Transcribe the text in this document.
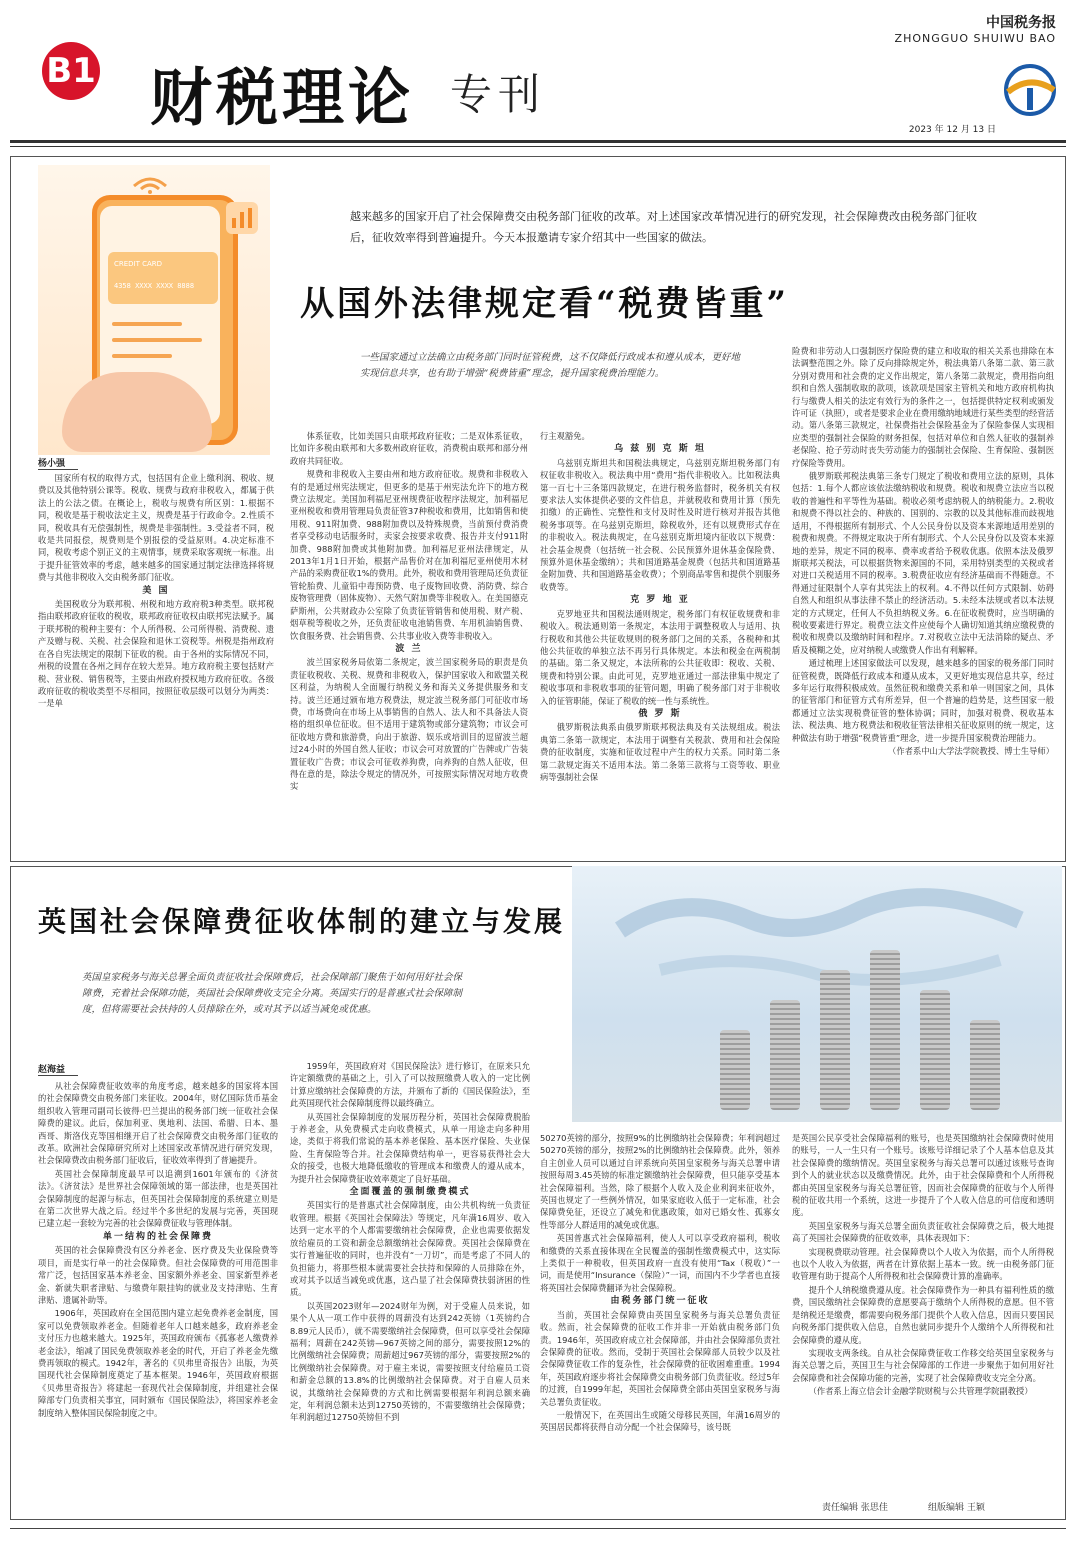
B1 财税理论 专刊
中国税务报
ZHONGGUO SHUIWU BAO
2023 年 12 月 13 日
CREDIT CARD
4358 XXXX XXXX 8888
越来越多的国家开启了社会保障费交由税务部门征收的改革。对上述国家改革情况进行的研究发现，社会保障费改由税务部门征收后，征收效率得到普遍提升。今天本报邀请专家介绍其中一些国家的做法。
从国外法律规定看“税费皆重”
一些国家通过立法确立由税务部门同时征管税费，这不仅降低行政成本和遵从成本，更好地实现信息共享，也有助于增强“税费皆重”理念，提升国家税费治理能力。
杨小强

国家所有权的取得方式，包括国有企业上缴利润、税收、规费以及其他特别公课等。税收、规费与政府非税收入，都属于供法上的公法之债。在概论上，税收与规费有所区别：1.根据不同，税收是基于税收法定主义，规费是基于行政命令。2.性质不同，税收具有无偿强制性，规费是非强制性。3.受益者不同，税收是共同报偿，规费则是个别报偿的受益原则。4.决定标准不同，税收考虑个别正义的主观情事，规费采取客观统一标准。出于提升征管效率的考虑，越来越多的国家通过制定法律选择将规费与其他非税收入交由税务部门征收。

美 国

美国税收分为联邦税、州税和地方政府税3种类型。联邦税指由联邦政府征收的税收，联邦政府征收权由联邦宪法赋予。属于联邦税的税种主要有：个人所得税、公司所得税、消费税、遗产及赠与税、关税、社会保险和退休工资税等。州税是指州政府在各自宪法规定的限制下征收的税。由于各州的实际情况不同，州税的设置在各州之间存在较大差异。地方政府税主要包括财产税、营业税、销售税等，主要由州政府授权地方政府征收。各级政府征收的税收类型不尽相同，按照征收层级可以划分为两类：一是单

体系征收，比如美国只由联邦政府征收；二是双体系征收，比如许多税由联邦和大多数州政府征收，消费税由联邦和部分州政府共同征收。

规费和非税收入主要由州和地方政府征收。规费和非税收入有的是通过州宪法规定，但更多的是基于州宪法允许下的地方税费立法规定。美国加利福尼亚州规费征收程序法规定，加利福尼亚州税收和费用管理局负责征管37种税收和费用，比如销售和使用税、911附加费、988附加费以及特殊规费，当前预付费消费者享受移动电话服务时，卖家会按要求收费、报告并支付911附加费、988附加费或其他附加费。加利福尼亚州法律规定，从2013年1月1日开始，根据产品售价对在加利福尼亚州使用木材产品的采购费征收1%的费用。此外，税收和费用管理局还负责征管轮胎费、儿童铅中毒预防费、电子废物回收费、消防费、综合废物管理费（固体废物）、天然气附加费等非税收入。在美国德克萨斯州，公共财政办公室除了负责征管销售和使用税、财产税、烟草税等税收之外，还负责征收电池销售费、车用机油销售费、饮食服务费、社会销售费、公共事业收入费等非税收入。

波 兰

波兰国家税务局依第二条规定，波兰国家税务局的职责是负责征收税收、关税、规费和非税收入，保护国家收入和欧盟关税区利益，为纳税人全面履行纳税义务和海关义务提供服务和支持。波兰还通过颁布地方税费法，规定波兰税务部门可征收市场费，市场费向在市场上从事销售的自然人、法人和不具备法人资格的组织单位征收。但不适用于建筑物或部分建筑物；市议会可征收地方费和旅游费，向出于旅游、娱乐或培训目的逗留波兰超过24小时的外国自然人征收；市议会可对放置的广告牌或广告装置征收广告费；市议会可征收养狗费，向养狗的自然人征收，但得在意的是，除法令规定的情况外，可按照实际情况对地方收费实

行主观豁免。

乌 兹 别 克 斯 坦

乌兹别克斯坦共和国税法典规定，乌兹别克斯坦税务部门有权征收非税收入。税法典中用“费用”指代非税收入。比如税法典第一百七十三条第四款规定，在进行税务监督时，税务机关有权要求法人实体提供必要的文件信息，并就税收和费用计算（预先扣缴）的正确性、完整性和支付及时性及时进行核对并报告其他税务事项等。在乌兹别克斯坦，除税收外，还有以规费形式存在的非税收入。税法典规定，在乌兹别克斯坦境内征收以下规费：社会基金规费（包括统一社会税、公民预算外退休基金保险费、预算外退休基金缴纳）；共和国道路基金规费（包括共和国道路基金附加费、共和国道路基金收费）；个别商品零售和提供个别服务收费等。

克 罗 地 亚

克罗地亚共和国税法通则规定，税务部门有权征收规费和非税收入。税法通则第一条规定，本法用于调整税收人与适用、执行税收和其他公共征收规则的税务部门之间的关系，各税种和其他公共征收的单独立法不再另行具体规定。本法和税金在两税制的基础。第二条又规定，本法所称的公共征收即：税收、关税、规费和特别公课。由此可见，克罗地亚通过一部法律集中规定了税收事项和非税收事项的征管问题，明确了税务部门对于非税收入的征管职能，保证了税收的统一性与系统性。

俄 罗 斯

俄罗斯税法典系由俄罗斯联邦税法典及有关法规组成。税法典第二条第一款规定，本法用于调整有关税款、费用和社会保险费的征收制度，实施和征收过程中产生的权力关系。同时第二条第二款规定海关不适用本法。第二条第三款将与工资等收、职业病等强制社会保

险费和非劳动人口强制医疗保险费的建立和收取的相关关系也排除在本法调整范围之外。除了反向排除规定外，税法典第八条第二款、第三款分别对费用和社会费的定义作出规定，第八条第二款规定，费用指向组织和自然人强制收取的款项，该款项是国家主管机关和地方政府机构执行与缴费人相关的法定有效行为的条件之一，包括提供特定权利或颁发许可证（执照），或者是要求企业在费用缴纳地域进行某些类型的经营活动。第八条第三款规定，社保费指社会保险基金为了保险参保人实现相应类型的强制社会保险的财务担保，包括对单位和自然人征收的强制养老保险、抢子劳动时丧失劳动能力的强制社会保险、生育保险、强制医疗保险等费用。

俄罗斯联邦税法典第三条专门规定了税收和费用立法的原则，具体包括：1.每个人都应该依法缴纳税收和规费。税收和规费立法应当以税收的普遍性和平等性为基础。税收必须考虑纳税人的纳税能力。2.税收和规费不得以社会的、种族的、国别的、宗教的以及其他标准而歧视地适用，不得根据所有制形式、个人公民身份以及资本来源地适用差别的税费和规费。不得规定取决于所有制形式、个人公民身份以及资本来源地的差异，规定不同的税率、费率或者给予税收优惠。依照本法及俄罗斯联邦关税法，可以根据货物来源国的不同，采用特别类型的关税或者对进口关税适用不同的税率。3.税费征收应有经济基础而不得随意。不得通过征限制个人享有其宪法上的权利。4.不得以任何方式限制、妨碍自然人和组织从事法律不禁止的经济活动。5.未经本法规或者以本法规定的方式规定，任何人不负担纳税义务。6.在征收税费时，应当明确的税收要素进行界定。税费立法文件应使每个人确切知道其纳应缴税费的税收和规费以及缴纳时间和程序。7.对税收立法中无法消除的疑点、矛盾及模糊之处，应对纳税人或缴费人作出有利解释。

通过梳理上述国家做法可以发现，越来越多的国家的税务部门同时征管税费，既降低行政成本和遵从成本，又更好地实现信息共享，经过多年运行取得积极成效。虽然征税和缴费关系和单一则国家之间，具体的征管部门和征管方式有所差异，但一个普遍的趋势是，这些国家一般都通过立法实现税费征管的整体协调；同时，加强对税费、税收基本法、税法典、地方税费法和税收征管法律相关征收原则的统一规定，这种做法有助于增强“税费皆重”理念，进一步提升国家税费治理能力。

（作者系中山大学法学院教授、博士生导师）

英国社会保障费征收体制的建立与发展
英国皇家税务与海关总署全面负责征收社会保障费后，社会保障部门聚焦于如何用好社会保障费，充着社会保障功能，英国社会保障费收支完全分离。英国实行的是普惠式社会保障制度，但将需要社会扶持的人员排除在外，或对其予以适当减免或优惠。
赵海益

从社会保障费征收效率的角度考虑，越来越多的国家将本国的社会保障费交由税务部门来征收。2004年，财亿国际货币基金组织收入管理司副司长彼得·巴兰提出的税务部门统一征收社会保障费的建议。此后，保加利亚、奥地利、法国、希腊、日本、墨西哥、斯洛伐克等国相继开启了社会保障费交由税务部门征收的改革。欧洲社会保障研究所对上述国家改革情况进行研究发现，社会保障费改由税务部门征收后，征收效率得到了普遍提升。

英国社会保障制度最早可以追溯到1601年颁布的《济贫法》。《济贫法》是世界社会保障领域的第一部法律，也是英国社会保障制度的起源与标志，但英国社会保障制度的系统建立则是在第二次世界大战之后。经过半个多世纪的发展与完善，英国现已建立起一套较为完善的社会保障费征收与管理体制。

单一结构的社会保障费

英国的社会保障费没有区分养老金、医疗费及失业保险费等项目，而是实行单一的社会保障费。但社会保障费的可用范围非常广泛，包括国家基本养老金、国家额外养老金、国家新型养老金、新就失职者津贴、与缴费年限挂钩的就业及支持津贴、生育津贴、遗属补助等。

1906年，英国政府在全国范围内建立起免费养老金制度，国家可以免费领取养老金。但随着老年人口越来越多，政府养老金支付压力也越来越大。1925年，英国政府颁布《孤寡老人缴费养老金法》，缩减了国民免费领取养老金的时代，开启了养老金先缴费再领取的模式。1942年，著名的《贝弗里奇报告》出版，为英国现代社会保障制度奠定了基本框架。1946年，英国政府根据《贝弗里奇报告》将建起一套现代社会保障制度，并组建社会保障部专门负责相关事宜，同时颁布《国民保险法》，将国家养老金制度纳入整体国民保险制度之中。

1959年，英国政府对《国民保险法》进行修订，在原来只允许定额缴费的基础之上，引入了可以按照缴费人收入的一定比例计算应缴纳社会保障费的方法，并颁布了新的《国民保险法》，至此英国现代社会保障制度得以最终确立。

从英国社会保障制度的发展历程分析，英国社会保障费脱胎于养老金，从免费模式走向收费模式，从单一用途走向多种用途，类似于将我们常说的基本养老保险、基本医疗保险、失业保险、生育保险等合并。社会保障费结构单一，更容易获得社会大众的接受，也极大地降低缴收的管理成本和缴费人的遵从成本，为提升社会保障费征收效率奠定了良好基础。

全面覆盖的强制缴费模式

英国实行的是普惠式社会保障制度，由公共机构统一负责征收管理。根据《英国社会保障法》等规定，凡年满16周岁、收入达到一定水平的个人都需要缴纳社会保障费，企业也需要依据发放给雇员的工资和薪金总额缴纳社会保障费。英国社会保障费在实行普遍征收的同时，也并没有“一刀切”，而是考虑了不同人的负担能力，将那些根本就需要社会扶持和保障的人员排除在外，或对其予以适当减免或优惠，这凸显了社会保障费扶弱济困的性质。

以英国2023财年—2024财年为例，对于受雇人员来说，如果个人从一项工作中获得的周薪没有达到242英镑（1英镑约合8.89元人民币），就不需要缴纳社会保障费，但可以享受社会保障福利；周薪在242英镑—967英镑之间的部分，需要按照12%的比例缴纳社会保障费；周薪超过967英镑的部分，需要按照2%的比例缴纳社会保障费。对于雇主来说，需要按照支付给雇员工资和薪金总额的13.8%的比例缴纳社会保障费。对于自雇人员来说，其缴纳社会保障费的方式和比例需要根据年利润总额来确定，年利润总额未达到12750英镑的，不需要缴纳社会保障费；年利润超过12750英镑但不到

50270英镑的部分，按照9%的比例缴纳社会保障费；年利润超过50270英镑的部分，按照2%的比例缴纳社会保障费。此外，领养自主创业人员可以通过自评系统向英国皇家税务与海关总署申请按照每周3.45英镑的标准定额缴纳社会保障费，但只能享受基本社会保障福利。当然，除了根据个人收入及企业利润来征收外，英国也规定了一些例外情况，如果家庭收入低于一定标准，社会保障费免征，还设立了减免和优惠政策，如对已婚女性、孤寡女性等部分人群适用的减免或优惠。

英国普惠式社会保障福利，使人人可以享受政府福利，税收和缴费的关系直接体现在全民覆盖的强制性缴费模式中，这实际上类似于一种税收，但英国政府一直没有使用“Tax（税收）”一词，而是使用“Insurance（保险）”一词，而国内不少学者也直接将英国社会保障费翻译为社会保障税。

由税务部门统一征收

当前，英国社会保障费由英国皇家税务与海关总署负责征收。然而，社会保障费的征收工作并非一开始就由税务部门负责。1946年，英国政府成立社会保障部，并由社会保障部负责社会保障费的征收。然而，受制于英国社会保障部人员较少以及社会保障费征收工作的复杂性，社会保障费的征收困难重重。1994年，英国政府逐步将社会保障费交由税务部门负责征收。经过5年的过渡，自1999年起，英国社会保障费全部由英国皇家税务与海关总署负责征收。

一般情况下，在英国出生或随父母移民英国，年满16周岁的英国居民都将获得自动分配一个社会保障号，该号既

是英国公民享受社会保障福利的账号，也是英国缴纳社会保障费时使用的账号，一人一生只有一个账号。该账号详细记录了个人基本信息及其社会保障费的缴纳情况。英国皇家税务与海关总署可以通过该账号查询到个人的就业状态以及缴费情况。此外，由于社会保障费和个人所得税都由英国皇家税务与海关总署征管，因而社会保障费的征收与个人所得税的征收共用一个系统，这进一步提升了个人收入信息的可信度和透明度。

英国皇家税务与海关总署全面负责征收社会保障费之后，极大地提高了英国社会保障费的征收效率，具体表现如下：

实现税费联动管理。社会保障费以个人收入为依据，而个人所得税也以个人收入为依据，两者在计算依据上基本一致。统一由税务部门征收管理有助于提高个人所得税和社会保障费计算的准确率。

提升个人纳税缴费遵从度。社会保障费作为一种具有福利性质的缴费，国民缴纳社会保障费的意愿要高于缴纳个人所得税的意愿。但不管是纳税还是缴费，都需要向税务部门提供个人收入信息，因而只要国民向税务部门提供收入信息，自然也就同步提升个人缴纳个人所得税和社会保障费的遵从度。

实现收支两条线。自从社会保障费征收工作移交给英国皇家税务与海关总署之后，英国卫生与社会保障部的工作进一步聚焦于如何用好社会保障费和社会保障功能的完善，实现了社会保障费收支完全分离。

（作者系上海立信会计金融学院财税与公共管理学院副教授）

责任编辑 张思佳	组版编辑 王颖
